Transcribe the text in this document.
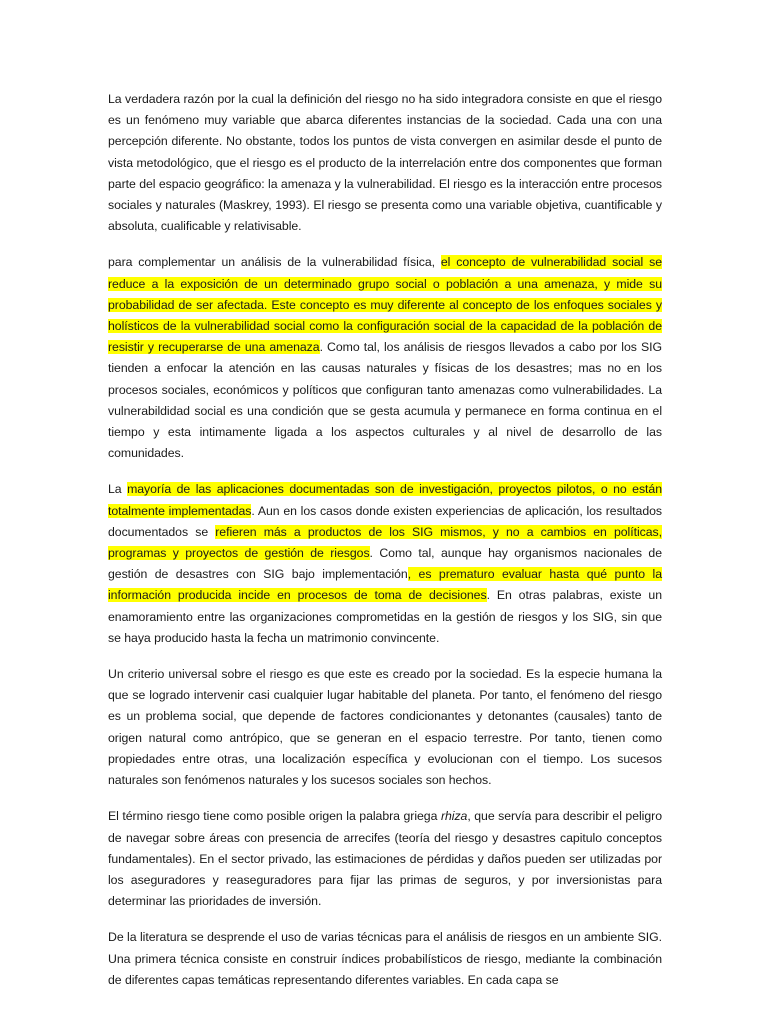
La verdadera razón por la cual la definición del riesgo no ha sido integradora consiste en que el riesgo es un fenómeno muy variable que abarca diferentes instancias de la sociedad. Cada una con una percepción diferente. No obstante, todos los puntos de vista convergen en asimilar desde el punto de vista metodológico, que el riesgo es el producto de la interrelación entre dos componentes que forman parte del espacio geográfico: la amenaza y la vulnerabilidad. El riesgo es la interacción entre procesos sociales y naturales (Maskrey, 1993). El riesgo se presenta como una variable objetiva, cuantificable y absoluta, cualificable y relativisable.

para complementar un análisis de la vulnerabilidad física, el concepto de vulnerabilidad social se reduce a la exposición de un determinado grupo social o población a una amenaza, y mide su probabilidad de ser afectada. Este concepto es muy diferente al concepto de los enfoques sociales y holísticos de la vulnerabilidad social como la configuración social de la capacidad de la población de resistir y recuperarse de una amenaza. Como tal, los análisis de riesgos llevados a cabo por los SIG tienden a enfocar la atención en las causas naturales y físicas de los desastres; mas no en los procesos sociales, económicos y políticos que configuran tanto amenazas como vulnerabilidades. La vulnerabildidad social es una condición que se gesta acumula y permanece en forma continua en el tiempo y esta intimamente ligada a los aspectos culturales y al nivel de desarrollo de las comunidades.

La mayoría de las aplicaciones documentadas son de investigación, proyectos pilotos, o no están totalmente implementadas. Aun en los casos donde existen experiencias de aplicación, los resultados documentados se refieren más a productos de los SIG mismos, y no a cambios en políticas, programas y proyectos de gestión de riesgos. Como tal, aunque hay organismos nacionales de gestión de desastres con SIG bajo implementación, es prematuro evaluar hasta qué punto la información producida incide en procesos de toma de decisiones. En otras palabras, existe un enamoramiento entre las organizaciones comprometidas en la gestión de riesgos y los SIG, sin que se haya producido hasta la fecha un matrimonio convincente.

Un criterio universal sobre el riesgo es que este es creado por la sociedad. Es la especie humana la que se logrado intervenir casi cualquier lugar habitable del planeta. Por tanto, el fenómeno del riesgo es un problema social, que depende de factores condicionantes y detonantes (causales) tanto de origen natural como antrópico, que se generan en el espacio terrestre. Por tanto, tienen como propiedades entre otras, una localización específica y evolucionan con el tiempo. Los sucesos naturales son fenómenos naturales y los sucesos sociales son hechos.

El término riesgo tiene como posible origen la palabra griega rhiza, que servía para describir el peligro de navegar sobre áreas con presencia de arrecifes (teoría del riesgo y desastres capitulo conceptos fundamentales). En el sector privado, las estimaciones de pérdidas y daños pueden ser utilizadas por los aseguradores y reaseguradores para fijar las primas de seguros, y por inversionistas para determinar las prioridades de inversión.

De la literatura se desprende el uso de varias técnicas para el análisis de riesgos en un ambiente SIG. Una primera técnica consiste en construir índices probabilísticos de riesgo, mediante la combinación de diferentes capas temáticas representando diferentes variables. En cada capa se
